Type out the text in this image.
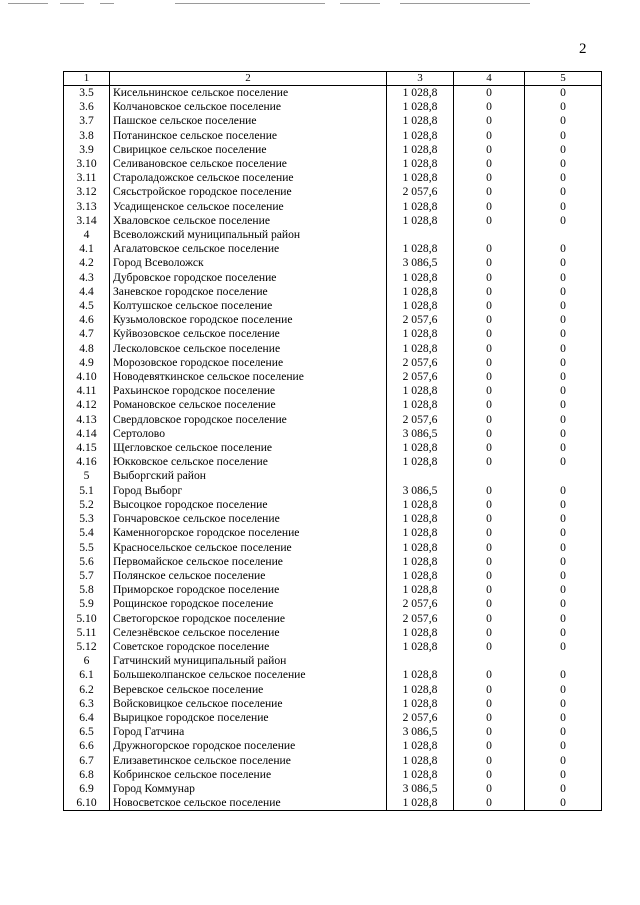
2
1	2	3	4	5
3.5	Кисельнинское сельское поселение	1 028,8	0	0
3.6	Колчановское сельское поселение	1 028,8	0	0
3.7	Пашское сельское поселение	1 028,8	0	0
3.8	Потанинское сельское поселение	1 028,8	0	0
3.9	Свирицкое сельское поселение	1 028,8	0	0
3.10	Селивановское сельское поселение	1 028,8	0	0
3.11	Староладожское сельское поселение	1 028,8	0	0
3.12	Сясьстройское городское поселение	2 057,6	0	0
3.13	Усадищенское сельское поселение	1 028,8	0	0
3.14	Хваловское сельское поселение	1 028,8	0	0
4	Всеволожский муниципальный район			
4.1	Агалатовское сельское поселение	1 028,8	0	0
4.2	Город Всеволожск	3 086,5	0	0
4.3	Дубровское городское поселение	1 028,8	0	0
4.4	Заневское городское поселение	1 028,8	0	0
4.5	Колтушское сельское поселение	1 028,8	0	0
4.6	Кузьмоловское городское поселение	2 057,6	0	0
4.7	Куйвозовское сельское поселение	1 028,8	0	0
4.8	Лесколовское сельское поселение	1 028,8	0	0
4.9	Морозовское городское поселение	2 057,6	0	0
4.10	Новодевяткинское сельское поселение	2 057,6	0	0
4.11	Рахьинское городское поселение	1 028,8	0	0
4.12	Романовское сельское поселение	1 028,8	0	0
4.13	Свердловское городское поселение	2 057,6	0	0
4.14	Сертолово	3 086,5	0	0
4.15	Щегловское сельское поселение	1 028,8	0	0
4.16	Юкковское сельское поселение	1 028,8	0	0
5	Выборгский район			
5.1	Город Выборг	3 086,5	0	0
5.2	Высоцкое городское поселение	1 028,8	0	0
5.3	Гончаровское сельское поселение	1 028,8	0	0
5.4	Каменногорское городское поселение	1 028,8	0	0
5.5	Красносельское сельское поселение	1 028,8	0	0
5.6	Первомайское сельское поселение	1 028,8	0	0
5.7	Полянское сельское поселение	1 028,8	0	0
5.8	Приморское городское поселение	1 028,8	0	0
5.9	Рощинское городское поселение	2 057,6	0	0
5.10	Светогорское городское поселение	2 057,6	0	0
5.11	Селезнёвское сельское поселение	1 028,8	0	0
5.12	Советское городское поселение	1 028,8	0	0
6	Гатчинский муниципальный район			
6.1	Большеколпанское сельское поселение	1 028,8	0	0
6.2	Веревское сельское поселение	1 028,8	0	0
6.3	Войсковицкое сельское поселение	1 028,8	0	0
6.4	Вырицкое городское поселение	2 057,6	0	0
6.5	Город Гатчина	3 086,5	0	0
6.6	Дружногорское городское поселение	1 028,8	0	0
6.7	Елизаветинское сельское поселение	1 028,8	0	0
6.8	Кобринское сельское поселение	1 028,8	0	0
6.9	Город Коммунар	3 086,5	0	0
6.10	Новосветское сельское поселение	1 028,8	0	0
